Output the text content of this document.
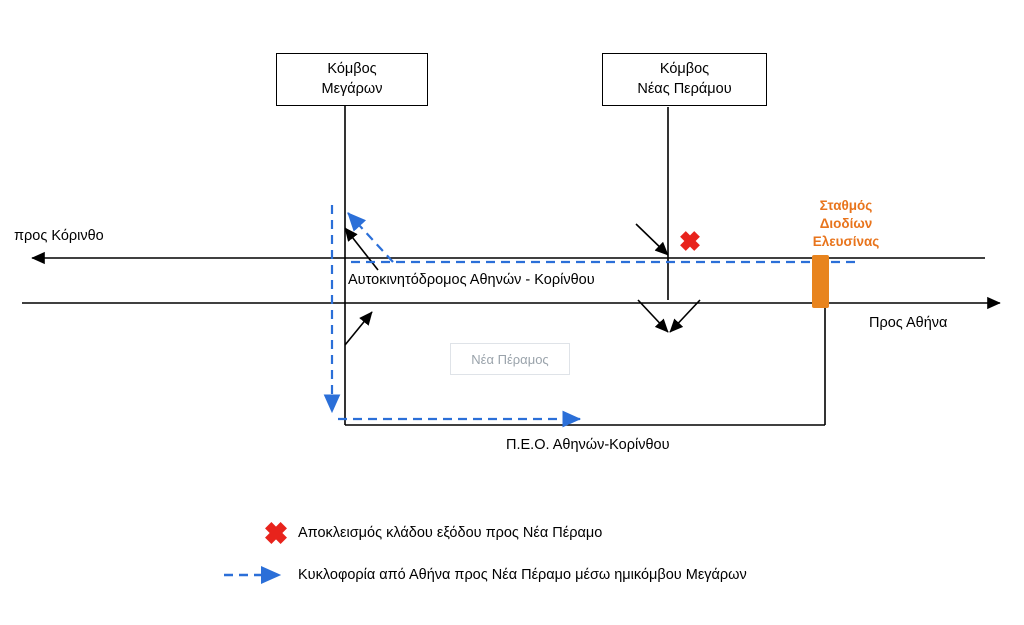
Κόμβος
Μεγάρων
Κόμβος
Νέας Περάμου
Νέα Πέραμος
προς Κόρινθο
Προς Αθήνα
Αυτοκινητόδρομος Αθηνών - Κορίνθου
Π.Ε.Ο. Αθηνών-Κορίνθου
Σταθμός
Διοδίων
Ελευσίνας
Αποκλεισμός κλάδου εξόδου προς Νέα Πέραμο
Κυκλοφορία από Αθήνα προς Νέα Πέραμο μέσω ημικόμβου Μεγάρων
